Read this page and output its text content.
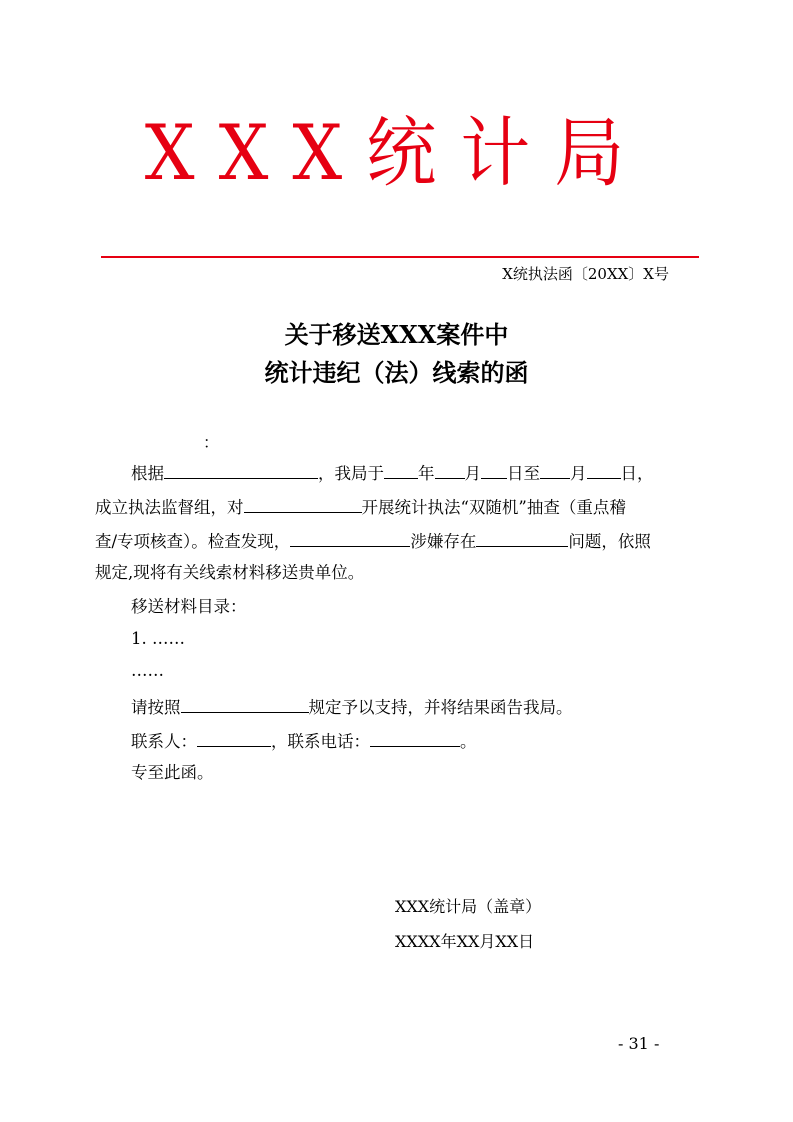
XXX统计局
X统执法函〔20XX〕X号
关于移送XXX案件中
统计违纪（法）线索的函
：
根据	，我局于 年 月 日至 月 日，
成立执法监督组，对	开展统计执法“双随机”抽查（重点稽
查/专项核查）。检查发现，	涉嫌存在	问题，依照
规定,现将有关线索材料移送贵单位。
移送材料目录：
1. ……
……
请按照	规定予以支持，并将结果函告我局。
联系人：	，联系电话：	。
专至此函。
XXX统计局（盖章）
XXXX年XX月XX日
- 31 -
